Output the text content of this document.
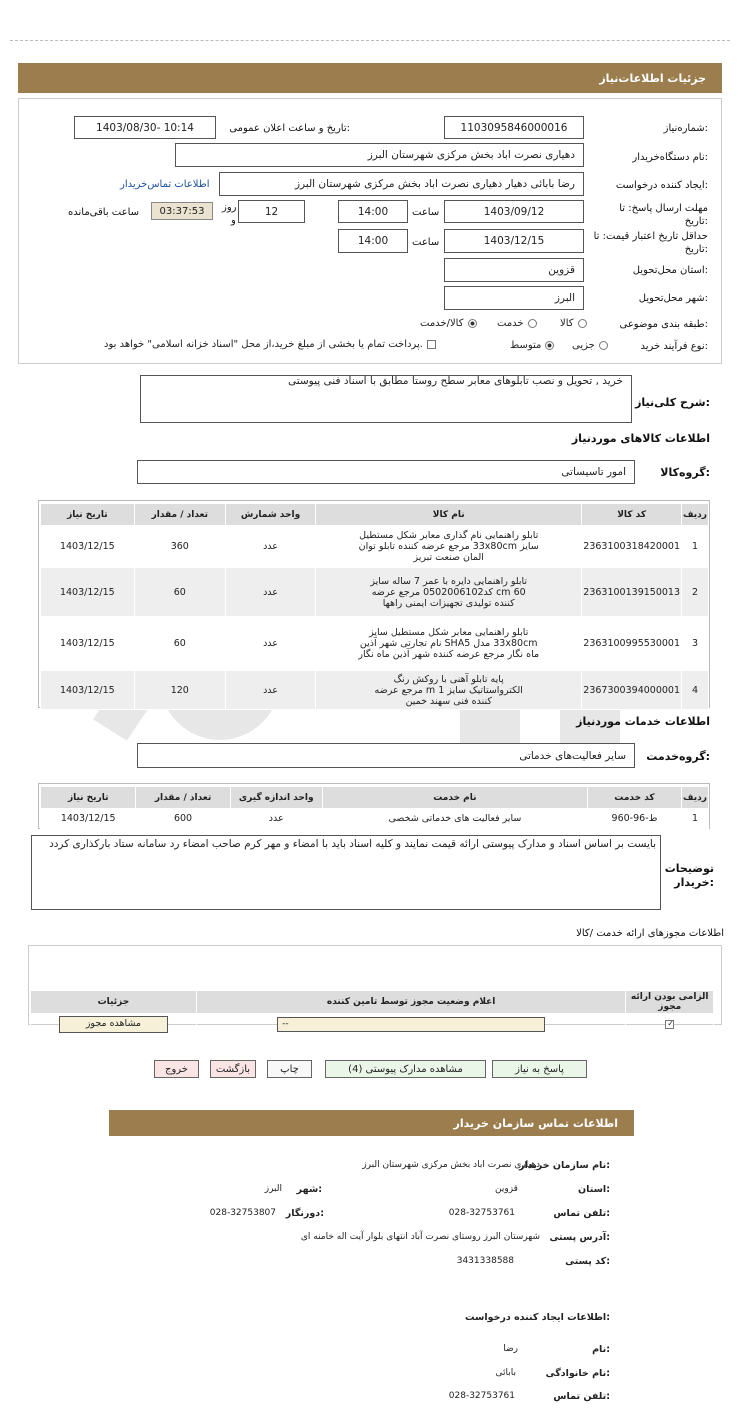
جزئیات اطلاعات‌نیاز
شماره‌نیاز:
1103095846000016
تاریخ و ساعت اعلان عمومی:
1403/08/30- 10:14
نام دستگاه‌خریدار:
دهیاری نصرت اباد بخش مرکزی شهرستان البرز
ایجاد کننده درخواست:
رضا بابائی دهیار دهیاری نصرت اباد بخش مرکزی شهرستان البرز
اطلاعات تماس‌خریدار
مهلت ارسال پاسخ: تا تاریخ:
1403/09/12
ساعت
14:00
12
روز
و
03:37:53
ساعت باقی‌مانده
حداقل تاریخ اعتبار قیمت: تا تاریخ:
1403/12/15
ساعت
14:00
استان محل‌تحویل:
قزوین
شهر محل‌تحویل:
البرز
طبقه بندی موضوعی:
کالا
خدمت
کالا/خدمت
نوع فرآیند خرید:
جزیی
متوسط
پرداخت تمام یا بخشی از مبلغ خرید،از محل "اسناد خزانه اسلامی" خواهد بود.
شرح کلی‌نیاز:
خرید , تحویل و نصب تابلوهای معابر سطح روستا مطابق با اسناد فنی پیوستی
اطلاعات کالاهای موردنیاز
گروه‌کالا:
امور تاسیساتی
ردیف	کد کالا	نام کالا	واحد شمارش	تعداد / مقدار	تاریخ نیاز
1	2363100318420001	تابلو راهنمایی نام گذاری معابر شکل مستطیل سایز 33x80cm مرجع عرضه کننده تابلو توان المان صنعت تبریز	عدد	360	1403/12/15
2	2363100139150013	تابلو راهنمایی دایره با عمر 7 ساله سایز 60 cm کد0502006102 مرجع عرضه کننده تولیدی تجهیزات ایمنی راهها	عدد	60	1403/12/15
3	2363100995530001	تابلو راهنمایی معابر شکل مستطیل سایز 33x80cm مدل SHA5 نام تجارتی شهر آذین ماه نگار مرجع عرضه کننده شهر آذین ماه نگار	عدد	60	1403/12/15
4	2367300394000001	پایه تابلو آهنی با روکش رنگ الکترواستاتیک سایز 1 m مرجع عرضه کننده فنی سهند خمین	عدد	120	1403/12/15
اطلاعات خدمات موردنیاز
گروه‌خدمت:
سایر فعالیت‌های خدماتی
ردیف	کد خدمت	نام خدمت	واحد اندازه گیری	تعداد / مقدار	تاریخ نیاز
1	ط-96-960	سایر فعالیت های خدماتی شخصی	عدد	600	1403/12/15
توضیحات خریدار:
بایست بر اساس اسناد و مدارک پیوستی ارائه قیمت نمایند و کلیه اسناد باید با امضاء و مهر کرم صاحب امضاء رد سامانه ستاد بارکذاری کردد
اطلاعات مجوزهای ارائه خدمت /کالا
الزامی بودن ارائه مجوز	اعلام وضعیت مجوز توسط تامین کننده	جزئیات

✓	--	مشاهده مجوز
پاسخ به نیاز
مشاهده مدارک پیوستی (4)
چاپ
بازگشت
خروج
اطلاعات تماس سازمان خریدار
نام سازمان خریدار:
دهیاری نصرت اباد بخش مرکزی شهرستان البرز
استان:
قزوین
شهر:
البرز
تلفن تماس:
028-32753761
دورنگار:
028-32753807
آدرس پستی:
شهرستان البرز روستای نصرت آباد انتهای بلوار آیت اله خامنه ای
کد پستی:
3431338588
اطلاعات ایجاد کننده درخواست:
نام:
رضا
نام خانوادگی:
بابائی
تلفن تماس:
028-32753761
